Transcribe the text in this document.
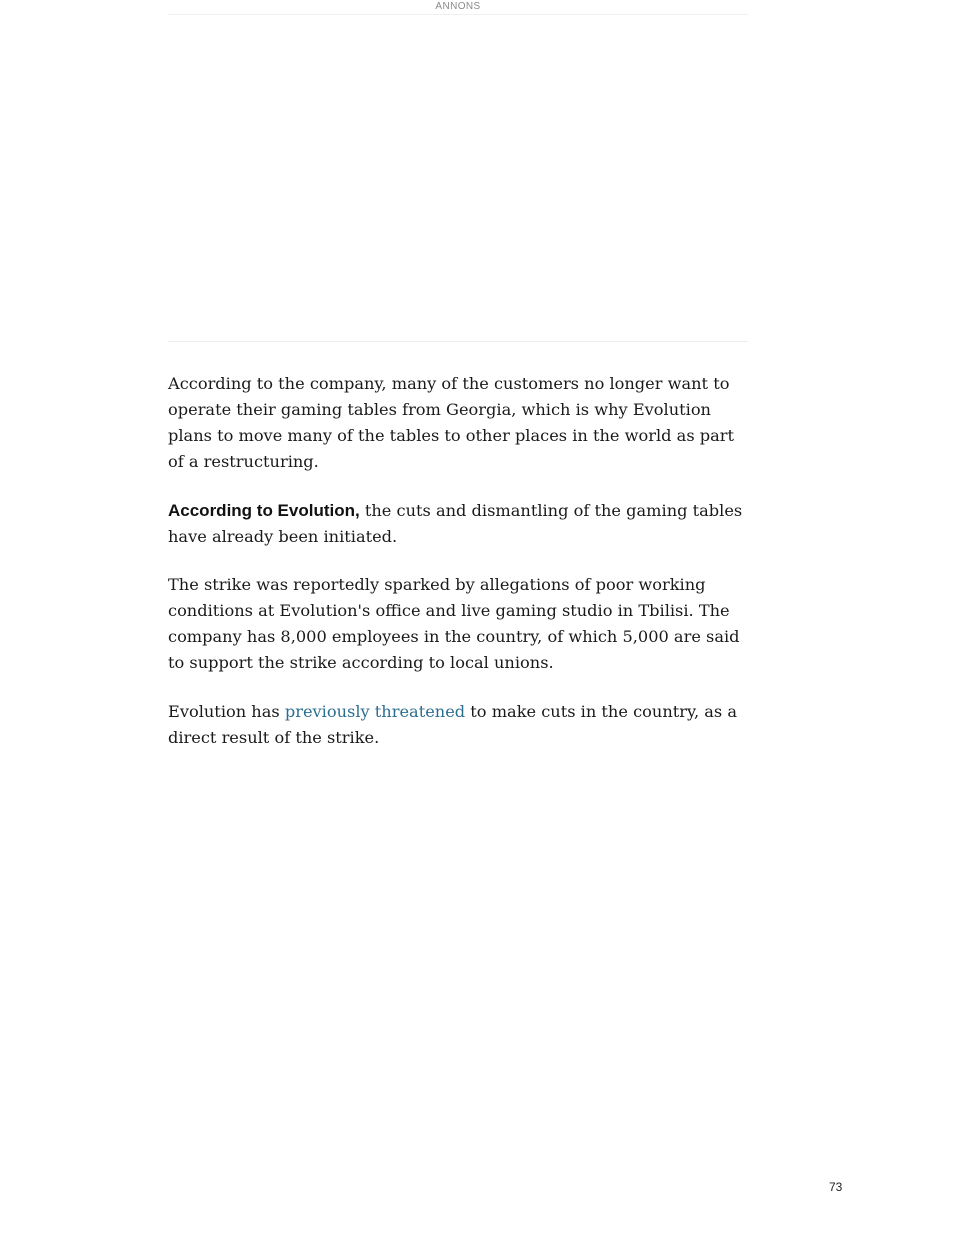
ANNONS

According to the company, many of the customers no longer want to operate their gaming tables from Georgia, which is why Evolution plans to move many of the tables to other places in the world as part of a restructuring.

According to Evolution, the cuts and dismantling of the gaming tables have already been initiated.

The strike was reportedly sparked by allegations of poor working conditions at Evolution's office and live gaming studio in Tbilisi. The company has 8,000 employees in the country, of which 5,000 are said to support the strike according to local unions.

Evolution has previously threatened to make cuts in the country, as a direct result of the strike.

73
